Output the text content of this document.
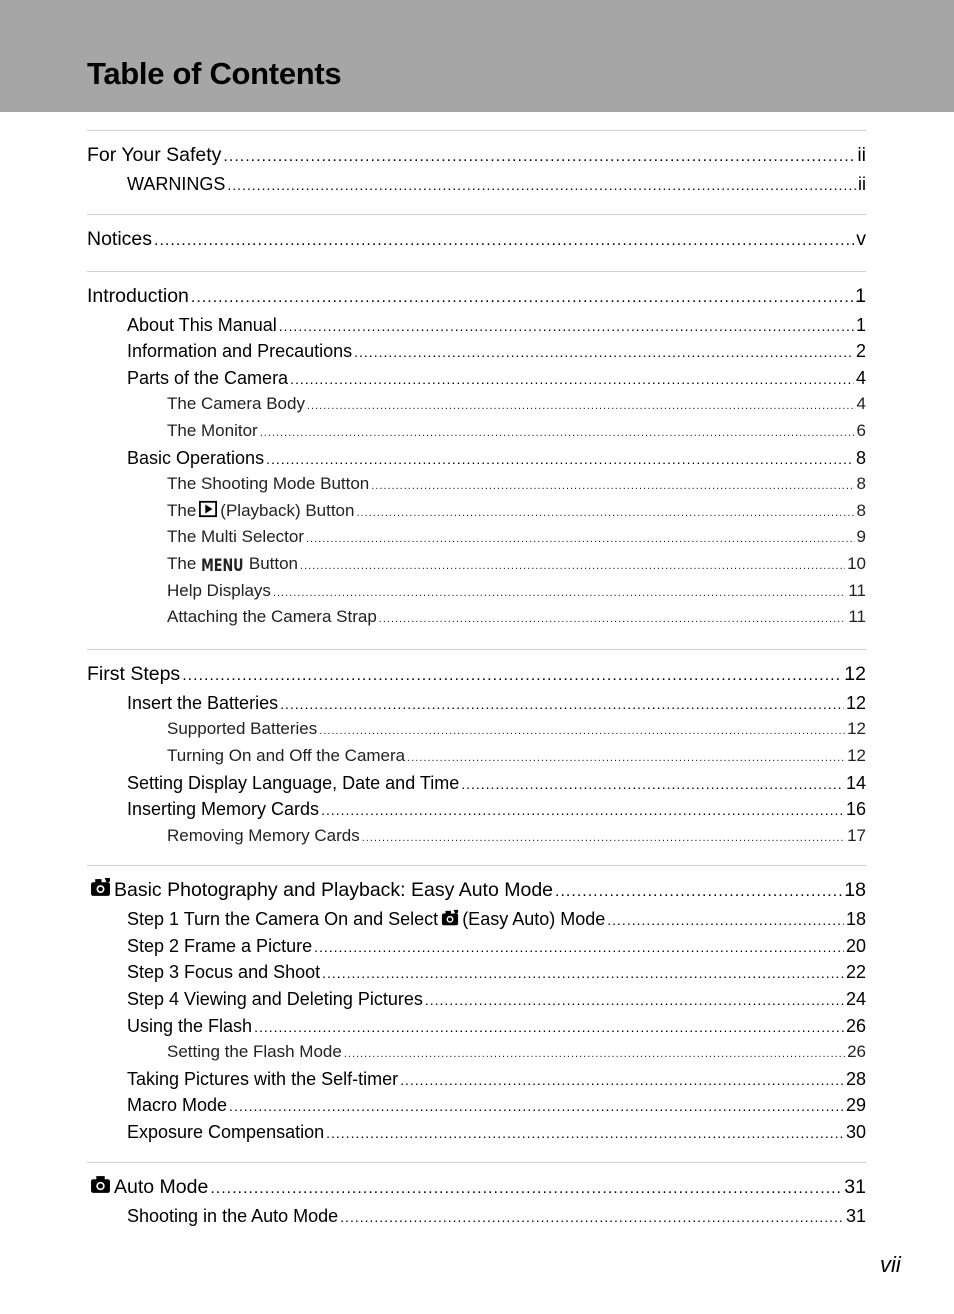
Table of Contents
For Your Safety .....	ii
WARNINGS .....	ii
Notices .....	v
Introduction .....	1
About This Manual .....	1
Information and Precautions .....	2
Parts of the Camera .....	4
The Camera Body .....	4
The Monitor .....	6
Basic Operations .....	8
The Shooting Mode Button .....	8
The (Playback) Button .....	8
The Multi Selector .....	9
The MENU Button .....	10
Help Displays .....	11
Attaching the Camera Strap .....	11
First Steps .....	12
Insert the Batteries .....	12
Supported Batteries .....	12
Turning On and Off the Camera .....	12
Setting Display Language, Date and Time .....	14
Inserting Memory Cards .....	16
Removing Memory Cards .....	17
Basic Photography and Playback: Easy Auto Mode .....	18
Step 1 Turn the Camera On and Select (Easy Auto) Mode .....	18
Step 2 Frame a Picture .....	20
Step 3 Focus and Shoot .....	22
Step 4 Viewing and Deleting Pictures .....	24
Using the Flash .....	26
Setting the Flash Mode .....	26
Taking Pictures with the Self-timer .....	28
Macro Mode .....	29
Exposure Compensation .....	30
Auto Mode .....	31
Shooting in the Auto Mode .....	31
vii
